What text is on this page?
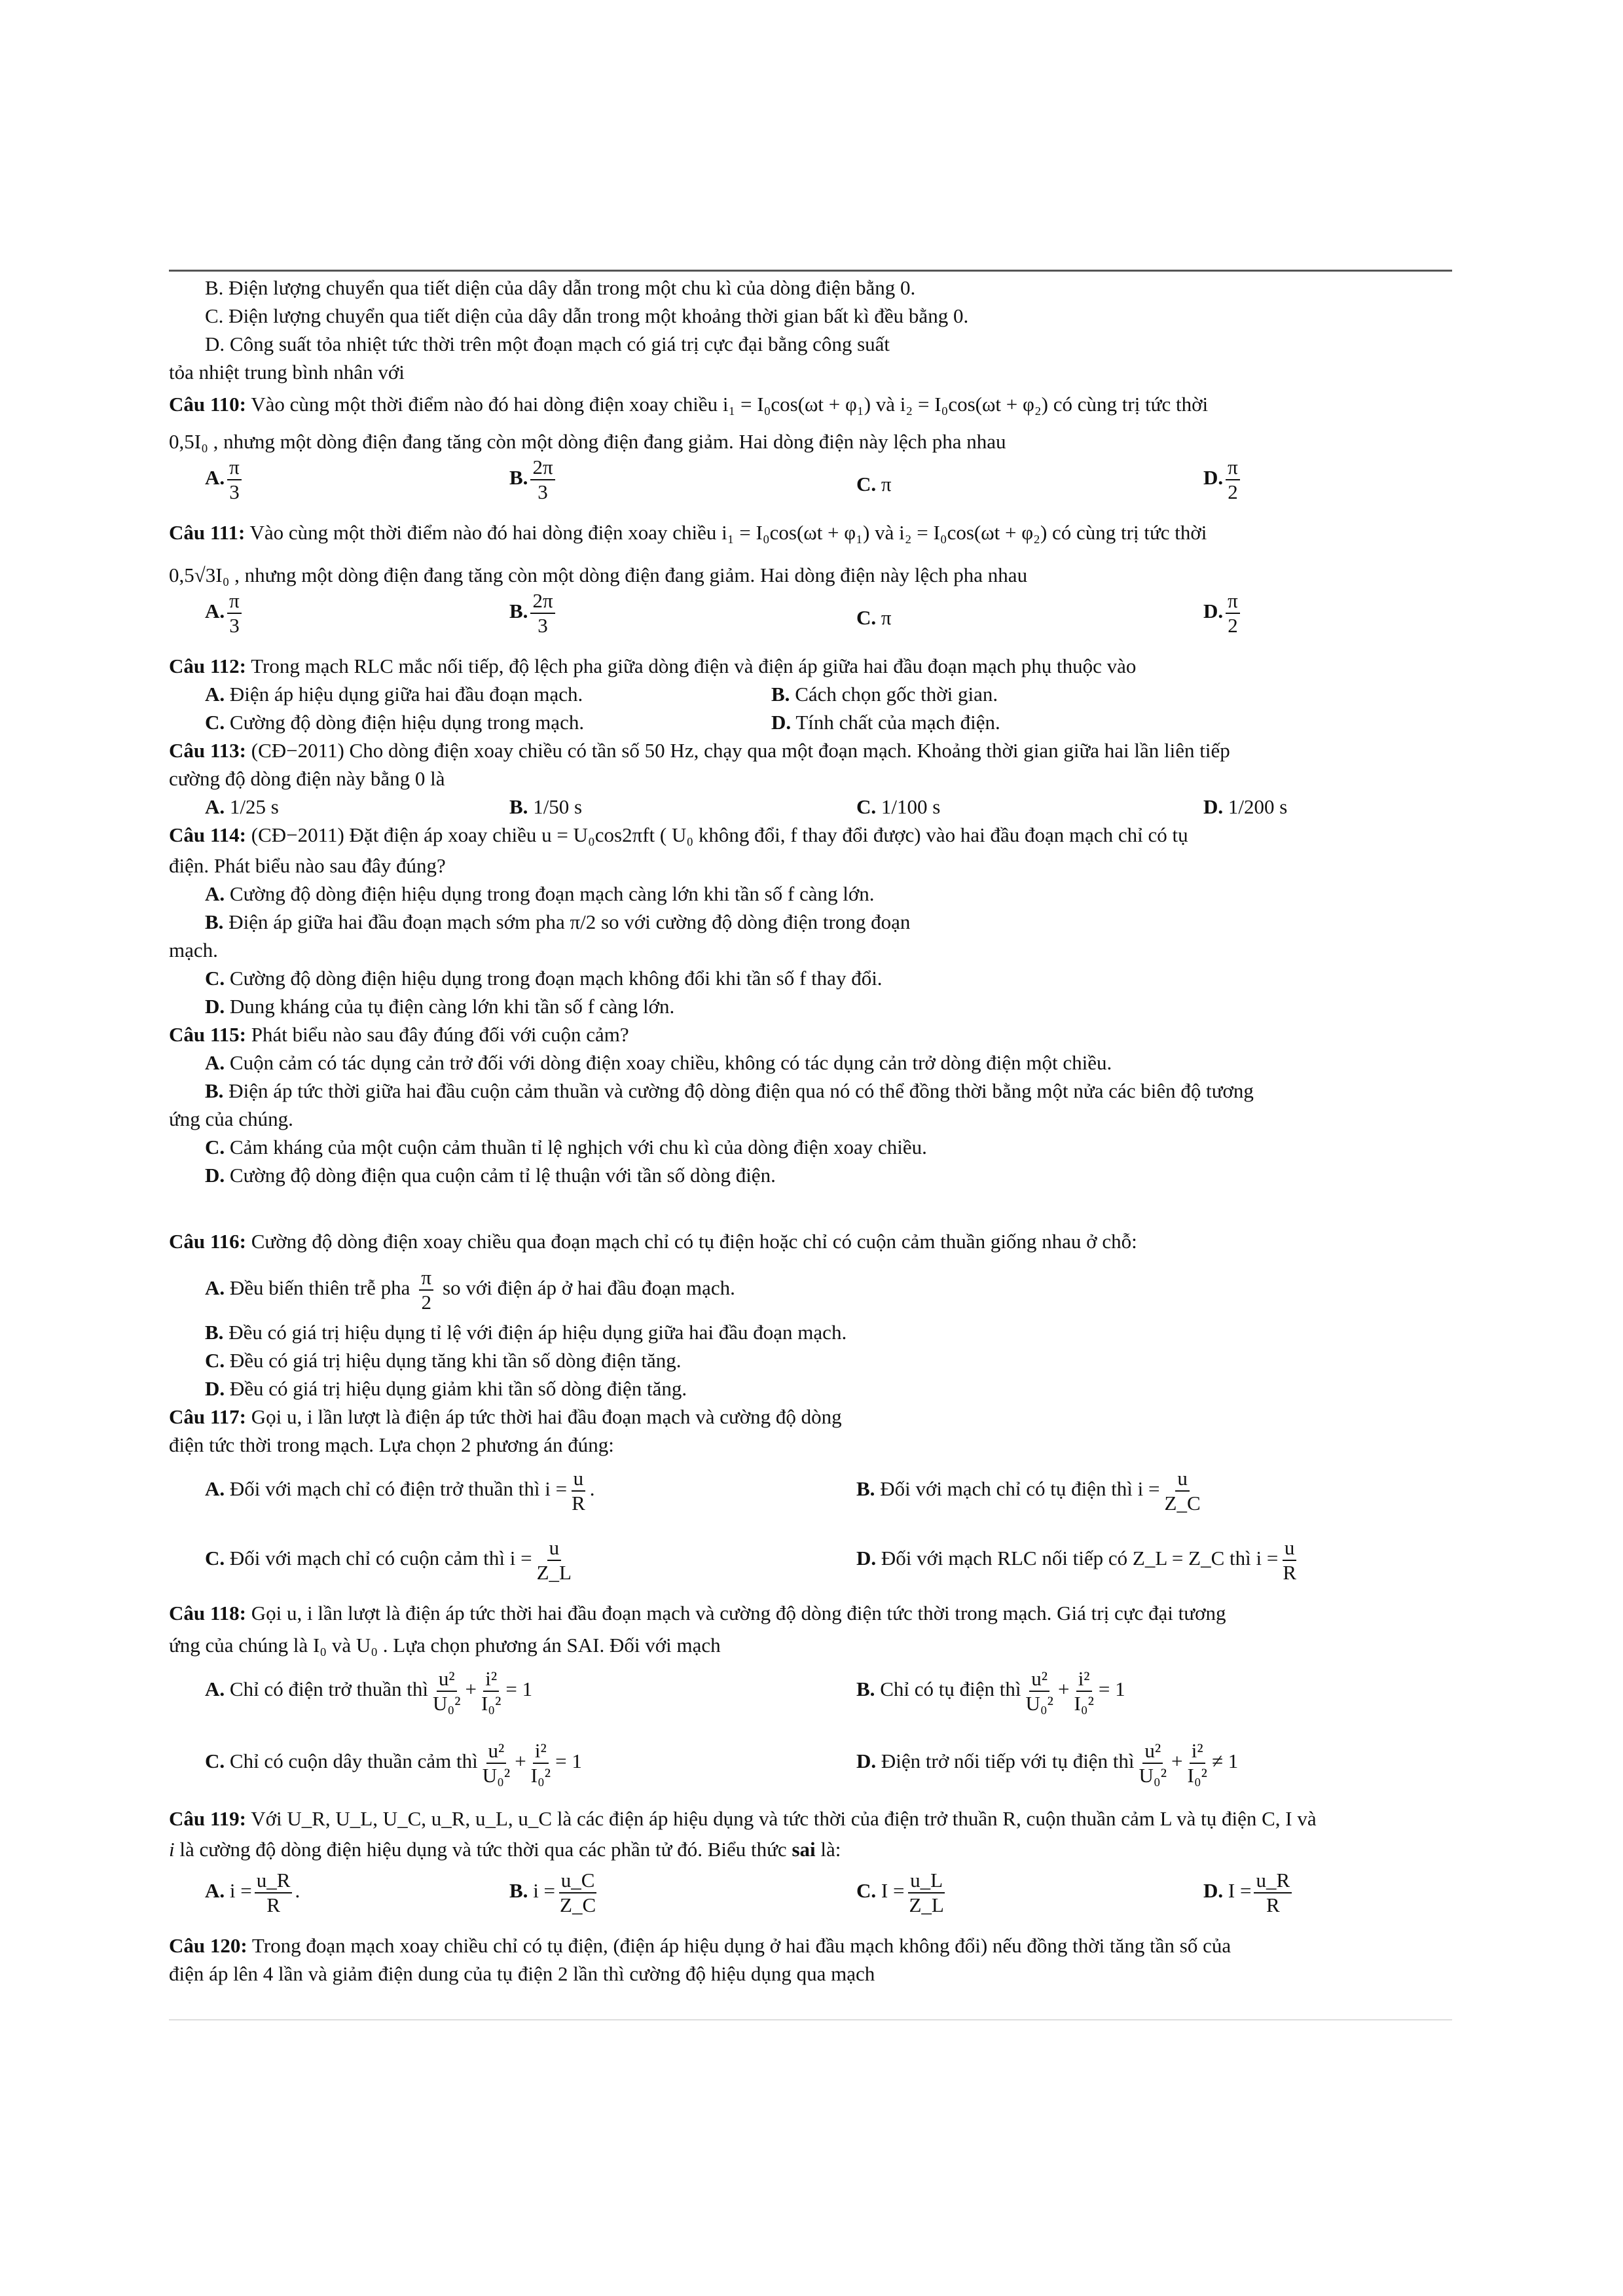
B. Điện lượng chuyển qua tiết diện của dây dẫn trong một chu kì của dòng điện bằng 0.
C. Điện lượng chuyển qua tiết diện của dây dẫn trong một khoảng thời gian bất kì đều bằng 0.
D. Công suất tỏa nhiệt tức thời trên một đoạn mạch có giá trị cực đại bằng công suất
tỏa nhiệt trung bình nhân với
Câu 110: Vào cùng một thời điểm nào đó hai dòng điện xoay chiều i₁ = I₀cos(ωt + φ₁) và i₂ = I₀cos(ωt + φ₂) có cùng trị tức thời
0,5I₀ , nhưng một dòng điện đang tăng còn một dòng điện đang giảm. Hai dòng điện này lệch pha nhau
A. $\frac{\pi}{3}$	B. $\frac{2\pi}{3}$	C. π	D. $\frac{\pi}{2}$
Câu 111: Vào cùng một thời điểm nào đó hai dòng điện xoay chiều i₁ = I₀cos(ωt + φ₁) và i₂ = I₀cos(ωt + φ₂) có cùng trị tức thời
0,5√3I₀ , nhưng một dòng điện đang tăng còn một dòng điện đang giảm. Hai dòng điện này lệch pha nhau
A. $\frac{\pi}{3}$	B. $\frac{2\pi}{3}$	C. π	D. $\frac{\pi}{2}$
Câu 112: Trong mạch RLC mắc nối tiếp, độ lệch pha giữa dòng điện và điện áp giữa hai đầu đoạn mạch phụ thuộc vào
A. Điện áp hiệu dụng giữa hai đầu đoạn mạch.	B. Cách chọn gốc thời gian.
C. Cường độ dòng điện hiệu dụng trong mạch.	D. Tính chất của mạch điện.
Câu 113: (CĐ−2011) Cho dòng điện xoay chiều có tần số 50 Hz, chạy qua một đoạn mạch. Khoảng thời gian giữa hai lần liên tiếp
cường độ dòng điện này bằng 0 là
A. 1/25 s	B. 1/50 s	C. 1/100 s	D. 1/200 s
Câu 114: (CĐ−2011) Đặt điện áp xoay chiều u = U₀cos2πft ( U₀ không đổi, f thay đổi được) vào hai đầu đoạn mạch chỉ có tụ
điện. Phát biểu nào sau đây đúng?
A. Cường độ dòng điện hiệu dụng trong đoạn mạch càng lớn khi tần số f càng lớn.
B. Điện áp giữa hai đầu đoạn mạch sớm pha π/2 so với cường độ dòng điện trong đoạn
mạch.
C. Cường độ dòng điện hiệu dụng trong đoạn mạch không đổi khi tần số f thay đổi.
D. Dung kháng của tụ điện càng lớn khi tần số f càng lớn.
Câu 115: Phát biểu nào sau đây đúng đối với cuộn cảm?
A. Cuộn cảm có tác dụng cản trở đối với dòng điện xoay chiều, không có tác dụng cản trở dòng điện một chiều.
B. Điện áp tức thời giữa hai đầu cuộn cảm thuần và cường độ dòng điện qua nó có thể đồng thời bằng một nửa các biên độ tương
ứng của chúng.
C. Cảm kháng của một cuộn cảm thuần tỉ lệ nghịch với chu kì của dòng điện xoay chiều.
D. Cường độ dòng điện qua cuộn cảm tỉ lệ thuận với tần số dòng điện.
Câu 116: Cường độ dòng điện xoay chiều qua đoạn mạch chỉ có tụ điện hoặc chỉ có cuộn cảm thuần giống nhau ở chỗ:
A. Đều biến thiên trễ pha $\frac{\pi}{2}$ so với điện áp ở hai đầu đoạn mạch.
B. Đều có giá trị hiệu dụng tỉ lệ với điện áp hiệu dụng giữa hai đầu đoạn mạch.
C. Đều có giá trị hiệu dụng tăng khi tần số dòng điện tăng.
D. Đều có giá trị hiệu dụng giảm khi tần số dòng điện tăng.
Câu 117: Gọi u, i lần lượt là điện áp tức thời hai đầu đoạn mạch và cường độ dòng
điện tức thời trong mạch. Lựa chọn 2 phương án đúng:
A. Đối với mạch chỉ có điện trở thuần thì $i = \frac{u}{R}$ .	B. Đối với mạch chỉ có tụ điện thì $i = \frac{u}{Z\_C}$
C. Đối với mạch chỉ có cuộn cảm thì $i = \frac{u}{Z\_L}$	D. Đối với mạch RLC nối tiếp có Z_L = Z_C thì $i = \frac{u}{R}$
Câu 118: Gọi u, i lần lượt là điện áp tức thời hai đầu đoạn mạch và cường độ dòng điện tức thời trong mạch. Giá trị cực đại tương
ứng của chúng là I₀ và U₀ . Lựa chọn phương án SAI. Đối với mạch
A. Chỉ có điện trở thuần thì $\frac{\text{u²}}{\text{U₀²}} + \frac{\text{i²}}{\text{I₀²}} = 1$	B. Chỉ có tụ điện thì $\frac{\text{u²}}{\text{U₀²}} + \frac{\text{i²}}{\text{I₀²}} = 1$
C. Chỉ có cuộn dây thuần cảm thì $\frac{\text{u²}}{\text{U₀²}} + \frac{\text{i²}}{\text{I₀²}} = 1$	D. Điện trở nối tiếp với tụ điện thì $\frac{\text{u²}}{\text{U₀²}} + \frac{\text{i²}}{\text{I₀²}} \ne 1$
Câu 119: Với U_R, U_L, U_C, u_R, u_L, u_C là các điện áp hiệu dụng và tức thời của điện trở thuần R, cuộn thuần cảm L và tụ điện C, I và
i là cường độ dòng điện hiệu dụng và tức thời qua các phần tử đó. Biểu thức sai là:
A. $i = \frac{u\_R}{R}$ .	B. $i = \frac{u\_C}{Z\_C}$	C. $I = \frac{u\_L}{Z\_L}$	D. $I = \frac{u\_R}{R}$
Câu 120: Trong đoạn mạch xoay chiều chỉ có tụ điện, (điện áp hiệu dụng ở hai đầu mạch không đổi) nếu đồng thời tăng tần số của
điện áp lên 4 lần và giảm điện dung của tụ điện 2 lần thì cường độ hiệu dụng qua mạch
